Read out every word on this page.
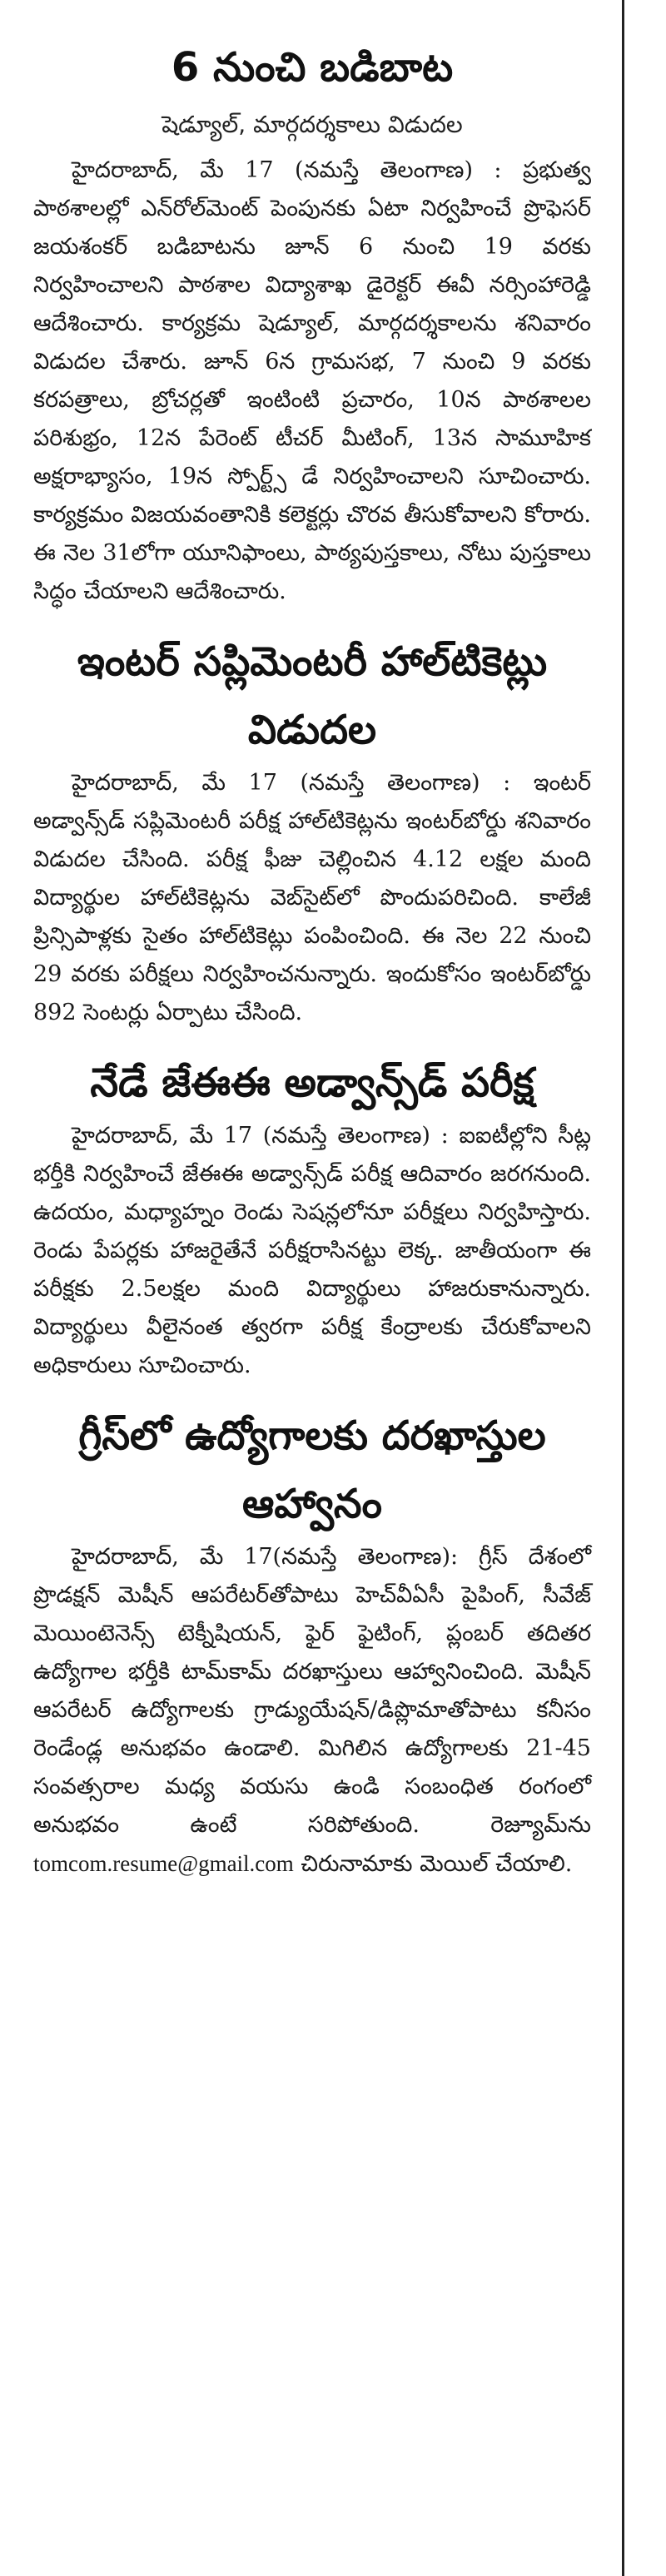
6 నుంచి బడిబాట
షెడ్యూల్, మార్గదర్శకాలు విడుదల

హైదరాబాద్, మే 17 (నమస్తే తెలంగాణ) : ప్రభుత్వ పాఠశాలల్లో ఎన్‌రోల్‌మెంట్ పెంపునకు ఏటా నిర్వహించే ప్రొఫెసర్ జయశంకర్ బడిబాటను జూన్ 6 నుంచి 19 వరకు నిర్వహించాలని పాఠశాల విద్యాశాఖ డైరెక్టర్ ఈవీ నర్సింహారెడ్డి ఆదేశించారు. కార్యక్రమ షెడ్యూల్, మార్గదర్శకాలను శనివారం విడుదల చేశారు. జూన్ 6న గ్రామసభ, 7 నుంచి 9 వరకు కరపత్రాలు, బ్రోచర్లతో ఇంటింటి ప్రచారం, 10న పాఠశాలల పరిశుభ్రం, 12న పేరెంట్ టీచర్ మీటింగ్, 13న సామూహిక అక్షరాభ్యాసం, 19న స్పోర్ట్స్ డే నిర్వహించాలని సూచించారు. కార్యక్రమం విజయవంతానికి కలెక్టర్లు చొరవ తీసుకోవాలని కోరారు. ఈ నెల 31లోగా యూనిఫాంలు, పాఠ్యపుస్తకాలు, నోటు పుస్తకాలు సిద్ధం చేయాలని ఆదేశించారు.

ఇంటర్ సప్లిమెంటరీ హాల్‌టికెట్లు విడుదల

హైదరాబాద్, మే 17 (నమస్తే తెలంగాణ) : ఇంటర్ అడ్వాన్స్‌డ్ సప్లిమెంటరీ పరీక్ష హాల్‌టికెట్లను ఇంటర్‌బోర్డు శనివారం విడుదల చేసింది. పరీక్ష ఫీజు చెల్లించిన 4.12 లక్షల మంది విద్యార్థుల హాల్‌టికెట్లను వెబ్‌సైట్‌లో పొందుపరిచింది. కాలేజీ ప్రిన్సిపాళ్లకు సైతం హాల్‌టికెట్లు పంపించింది. ఈ నెల 22 నుంచి 29 వరకు పరీక్షలు నిర్వహించనున్నారు. ఇందుకోసం ఇంటర్‌బోర్డు 892 సెంటర్లు ఏర్పాటు చేసింది.

నేడే జేఈఈ అడ్వాన్స్‌డ్ పరీక్ష

హైదరాబాద్, మే 17 (నమస్తే తెలంగాణ) : ఐఐటీల్లోని సీట్ల భర్తీకి నిర్వహించే జేఈఈ అడ్వాన్స్‌డ్ పరీక్ష ఆదివారం జరగనుంది. ఉదయం, మధ్యాహ్నం రెండు సెషన్లలోనూ పరీక్షలు నిర్వహిస్తారు. రెండు పేపర్లకు హాజరైతేనే పరీక్షరాసినట్టు లెక్క. జాతీయంగా ఈ పరీక్షకు 2.5లక్షల మంది విద్యార్థులు హాజరుకానున్నారు. విద్యార్థులు వీలైనంత త్వరగా పరీక్ష కేంద్రాలకు చేరుకోవాలని అధికారులు సూచించారు.

గ్రీస్‌లో ఉద్యోగాలకు దరఖాస్తుల ఆహ్వానం

హైదరాబాద్, మే 17(నమస్తే తెలంగాణ): గ్రీస్ దేశంలో ప్రొడక్షన్ మెషీన్ ఆపరేటర్‌తోపాటు హెచ్‌వీఏసీ పైపింగ్, సీవేజ్ మెయింటెనెన్స్ టెక్నీషియన్, ఫైర్ ఫైటింగ్, ప్లంబర్ తదితర ఉద్యోగాల భర్తీకి టామ్‌కామ్ దరఖాస్తులు ఆహ్వానించింది. మెషీన్ ఆపరేటర్ ఉద్యోగాలకు గ్రాడ్యుయేషన్/డిప్లొమాతోపాటు కనీసం రెండేండ్ల అనుభవం ఉండాలి. మిగిలిన ఉద్యోగాలకు 21-45 సంవత్సరాల మధ్య వయసు ఉండి సంబంధిత రంగంలో అనుభవం ఉంటే సరిపోతుంది. రెజ్యూమ్‌ను tomcom.resume@gmail.com చిరునామాకు మెయిల్ చేయాలి.
